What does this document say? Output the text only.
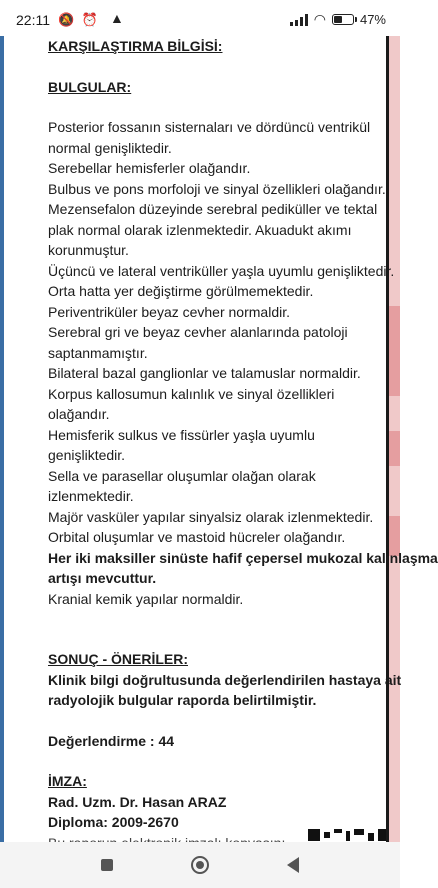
22:11 🔕 ⏰ ▲	◠	47%
KARŞILAŞTIRMA BİLGİSİ:
BULGULAR:
Posterior fossanın sisternaları ve dördüncü ventrikül
normal genişliktedir.
Serebellar hemisferler olağandır.
Bulbus ve pons morfoloji ve sinyal özellikleri olağandır.
Mezensefalon düzeyinde serebral pediküller ve tektal
plak normal olarak izlenmektedir. Akuadukt akımı
korunmuştur.
Üçüncü ve lateral ventriküller yaşla uyumlu genişliktedir.
Orta hatta yer değiştirme görülmemektedir.
Periventriküler beyaz cevher normaldir.
Serebral gri ve beyaz cevher alanlarında patoloji
saptanmamıştır.
Bilateral bazal ganglionlar ve talamuslar normaldir.
Korpus kallosumun kalınlık ve sinyal özellikleri
olağandır.
Hemisferik sulkus ve fissürler yaşla uyumlu
genişliktedir.
Sella ve parasellar oluşumlar olağan olarak
izlenmektedir.
Majör vasküler yapılar sinyalsiz olarak izlenmektedir.
Orbital oluşumlar ve mastoid hücreler olağandır.
Her iki maksiller sinüste hafif çepersel mukozal kalınlaşma
artışı mevcuttur.
Kranial kemik yapılar normaldir.
SONUÇ - ÖNERİLER:
Klinik bilgi doğrultusunda değerlendirilen hastaya ait
radyolojik bulgular raporda belirtilmiştir.
Değerlendirme : 44
İMZA:
Rad. Uzm. Dr. Hasan ARAZ
Diploma: 2009-2670
